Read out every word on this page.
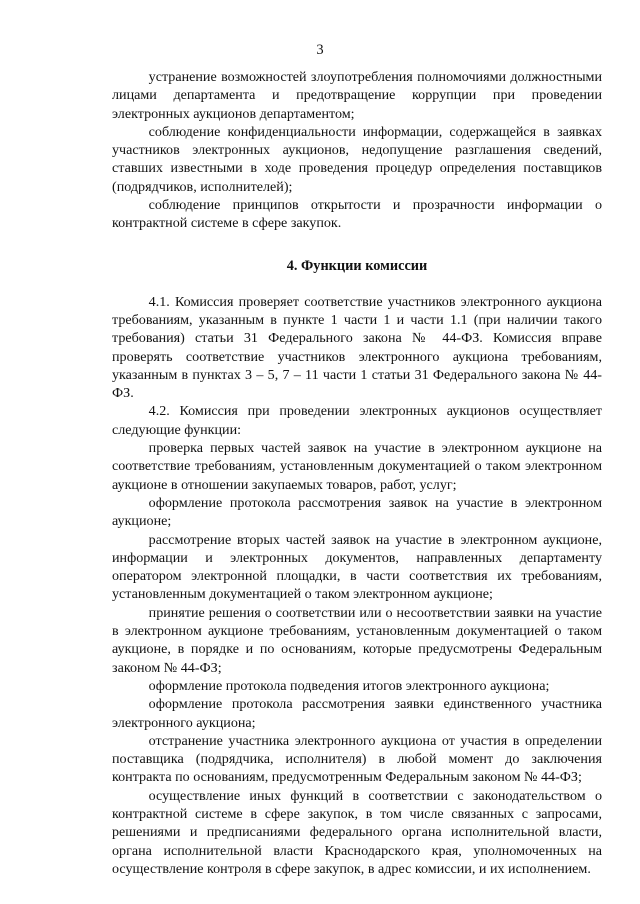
3

устранение возможностей злоупотребления полномочиями должностными лицами департамента и предотвращение коррупции при проведении электронных аукционов департаментом;

соблюдение конфиденциальности информации, содержащейся в заявках участников электронных аукционов, недопущение разглашения сведений, ставших известными в ходе проведения процедур определения поставщиков (подрядчиков, исполнителей);

соблюдение принципов открытости и прозрачности информации о контрактной системе в сфере закупок.

4. Функции комиссии

4.1. Комиссия проверяет соответствие участников электронного аукциона требованиям, указанным в пункте 1 части 1 и части 1.1 (при наличии такого требования) статьи 31 Федерального закона № 44-ФЗ. Комиссия вправе проверять соответствие участников электронного аукциона требованиям, указанным в пунктах 3 – 5, 7 – 11 части 1 статьи 31 Федерального закона № 44-ФЗ.

4.2. Комиссия при проведении электронных аукционов осуществляет следующие функции:

проверка первых частей заявок на участие в электронном аукционе на соответствие требованиям, установленным документацией о таком электронном аукционе в отношении закупаемых товаров, работ, услуг;

оформление протокола рассмотрения заявок на участие в электронном аукционе;

рассмотрение вторых частей заявок на участие в электронном аукционе, информации и электронных документов, направленных департаменту оператором электронной площадки, в части соответствия их требованиям, установленным документацией о таком электронном аукционе;

принятие решения о соответствии или о несоответствии заявки на участие в электронном аукционе требованиям, установленным документацией о таком аукционе, в порядке и по основаниям, которые предусмотрены Федеральным законом № 44-ФЗ;

оформление протокола подведения итогов электронного аукциона;

оформление протокола рассмотрения заявки единственного участника электронного аукциона;

отстранение участника электронного аукциона от участия в определении поставщика (подрядчика, исполнителя) в любой момент до заключения контракта по основаниям, предусмотренным Федеральным законом № 44-ФЗ;

осуществление иных функций в соответствии с законодательством о контрактной системе в сфере закупок, в том числе связанных с запросами, решениями и предписаниями федерального органа исполнительной власти, органа исполнительной власти Краснодарского края, уполномоченных на осуществление контроля в сфере закупок, в адрес комиссии, и их исполнением.
